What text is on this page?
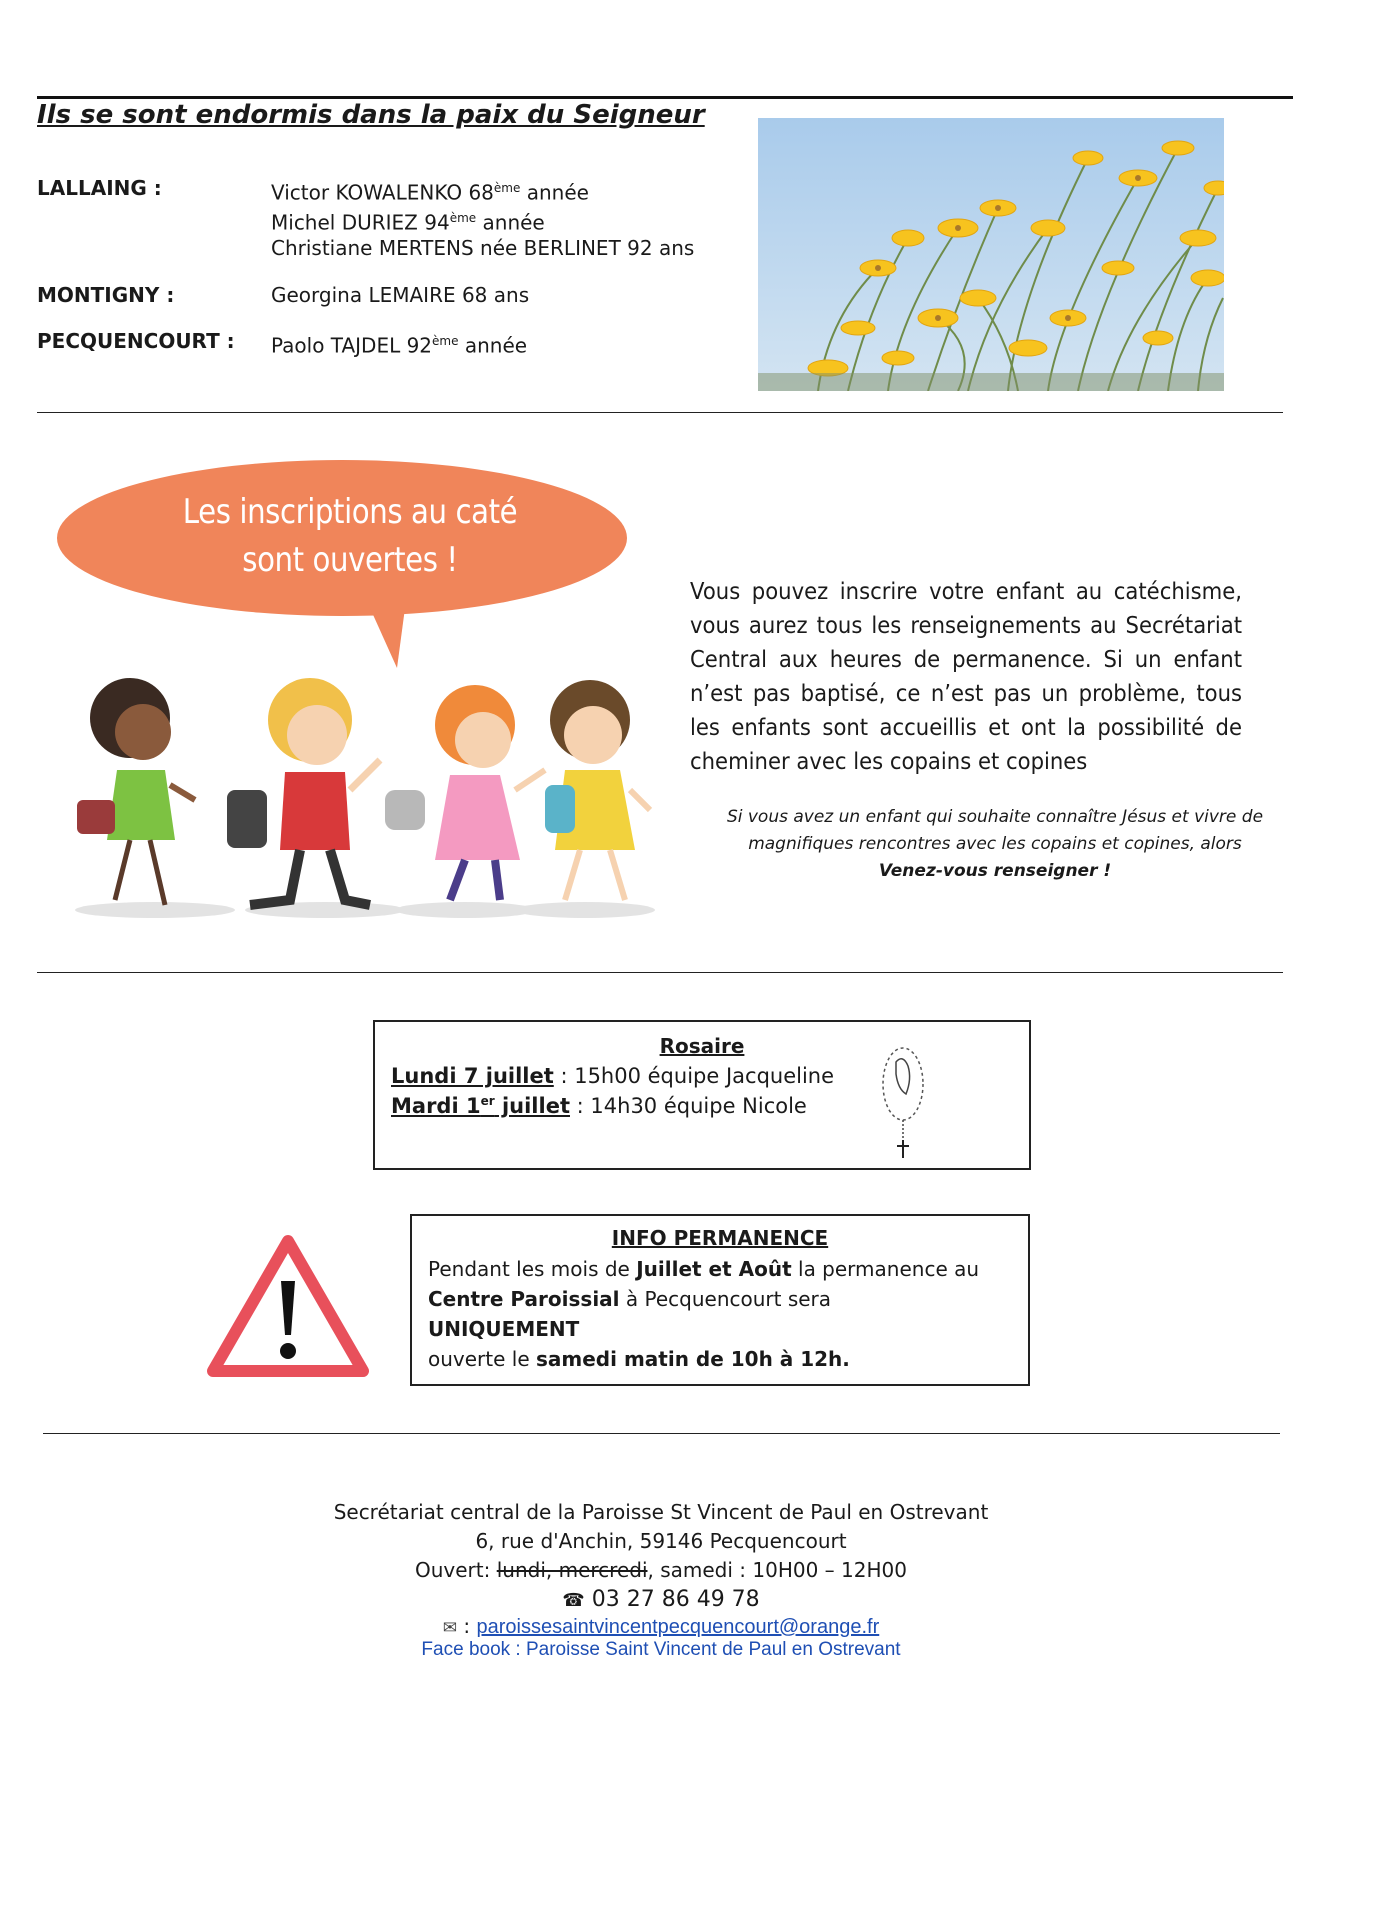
Ils se sont endormis dans la paix du Seigneur
LALLAING :	Victor KOWALENKO 68ème année
Michel DURIEZ 94ème année
Christiane MERTENS née BERLINET 92 ans
MONTIGNY :	Georgina LEMAIRE 68 ans
PECQUENCOURT : Paolo TAJDEL 92ème année
Les inscriptions au caté
sont ouvertes !
Vous pouvez inscrire votre enfant au catéchisme, vous aurez tous les renseignements au Secrétariat Central aux heures de permanence. Si un enfant n’est pas baptisé, ce n’est pas un problème, tous les enfants sont accueillis et ont la possibilité de cheminer avec les copains et copines
Si vous avez un enfant qui souhaite connaître Jésus et vivre de
magnifiques rencontres avec les copains et copines, alors
Venez-vous renseigner !
Rosaire
Lundi 7 juillet : 15h00 équipe Jacqueline
Mardi 1er juillet : 14h30 équipe Nicole
INFO PERMANENCE
Pendant les mois de Juillet et Août la permanence au
Centre Paroissial à Pecquencourt sera UNIQUEMENT
ouverte le samedi matin de 10h à 12h.
Secrétariat central de la Paroisse St Vincent de Paul en Ostrevant
6, rue d'Anchin, 59146 Pecquencourt
Ouvert: lundi, mercredi, samedi : 10H00 – 12H00
☎ 03 27 86 49 78
✉ : paroissesaintvincentpecquencourt@orange.fr
Face book : Paroisse Saint Vincent de Paul en Ostrevant
